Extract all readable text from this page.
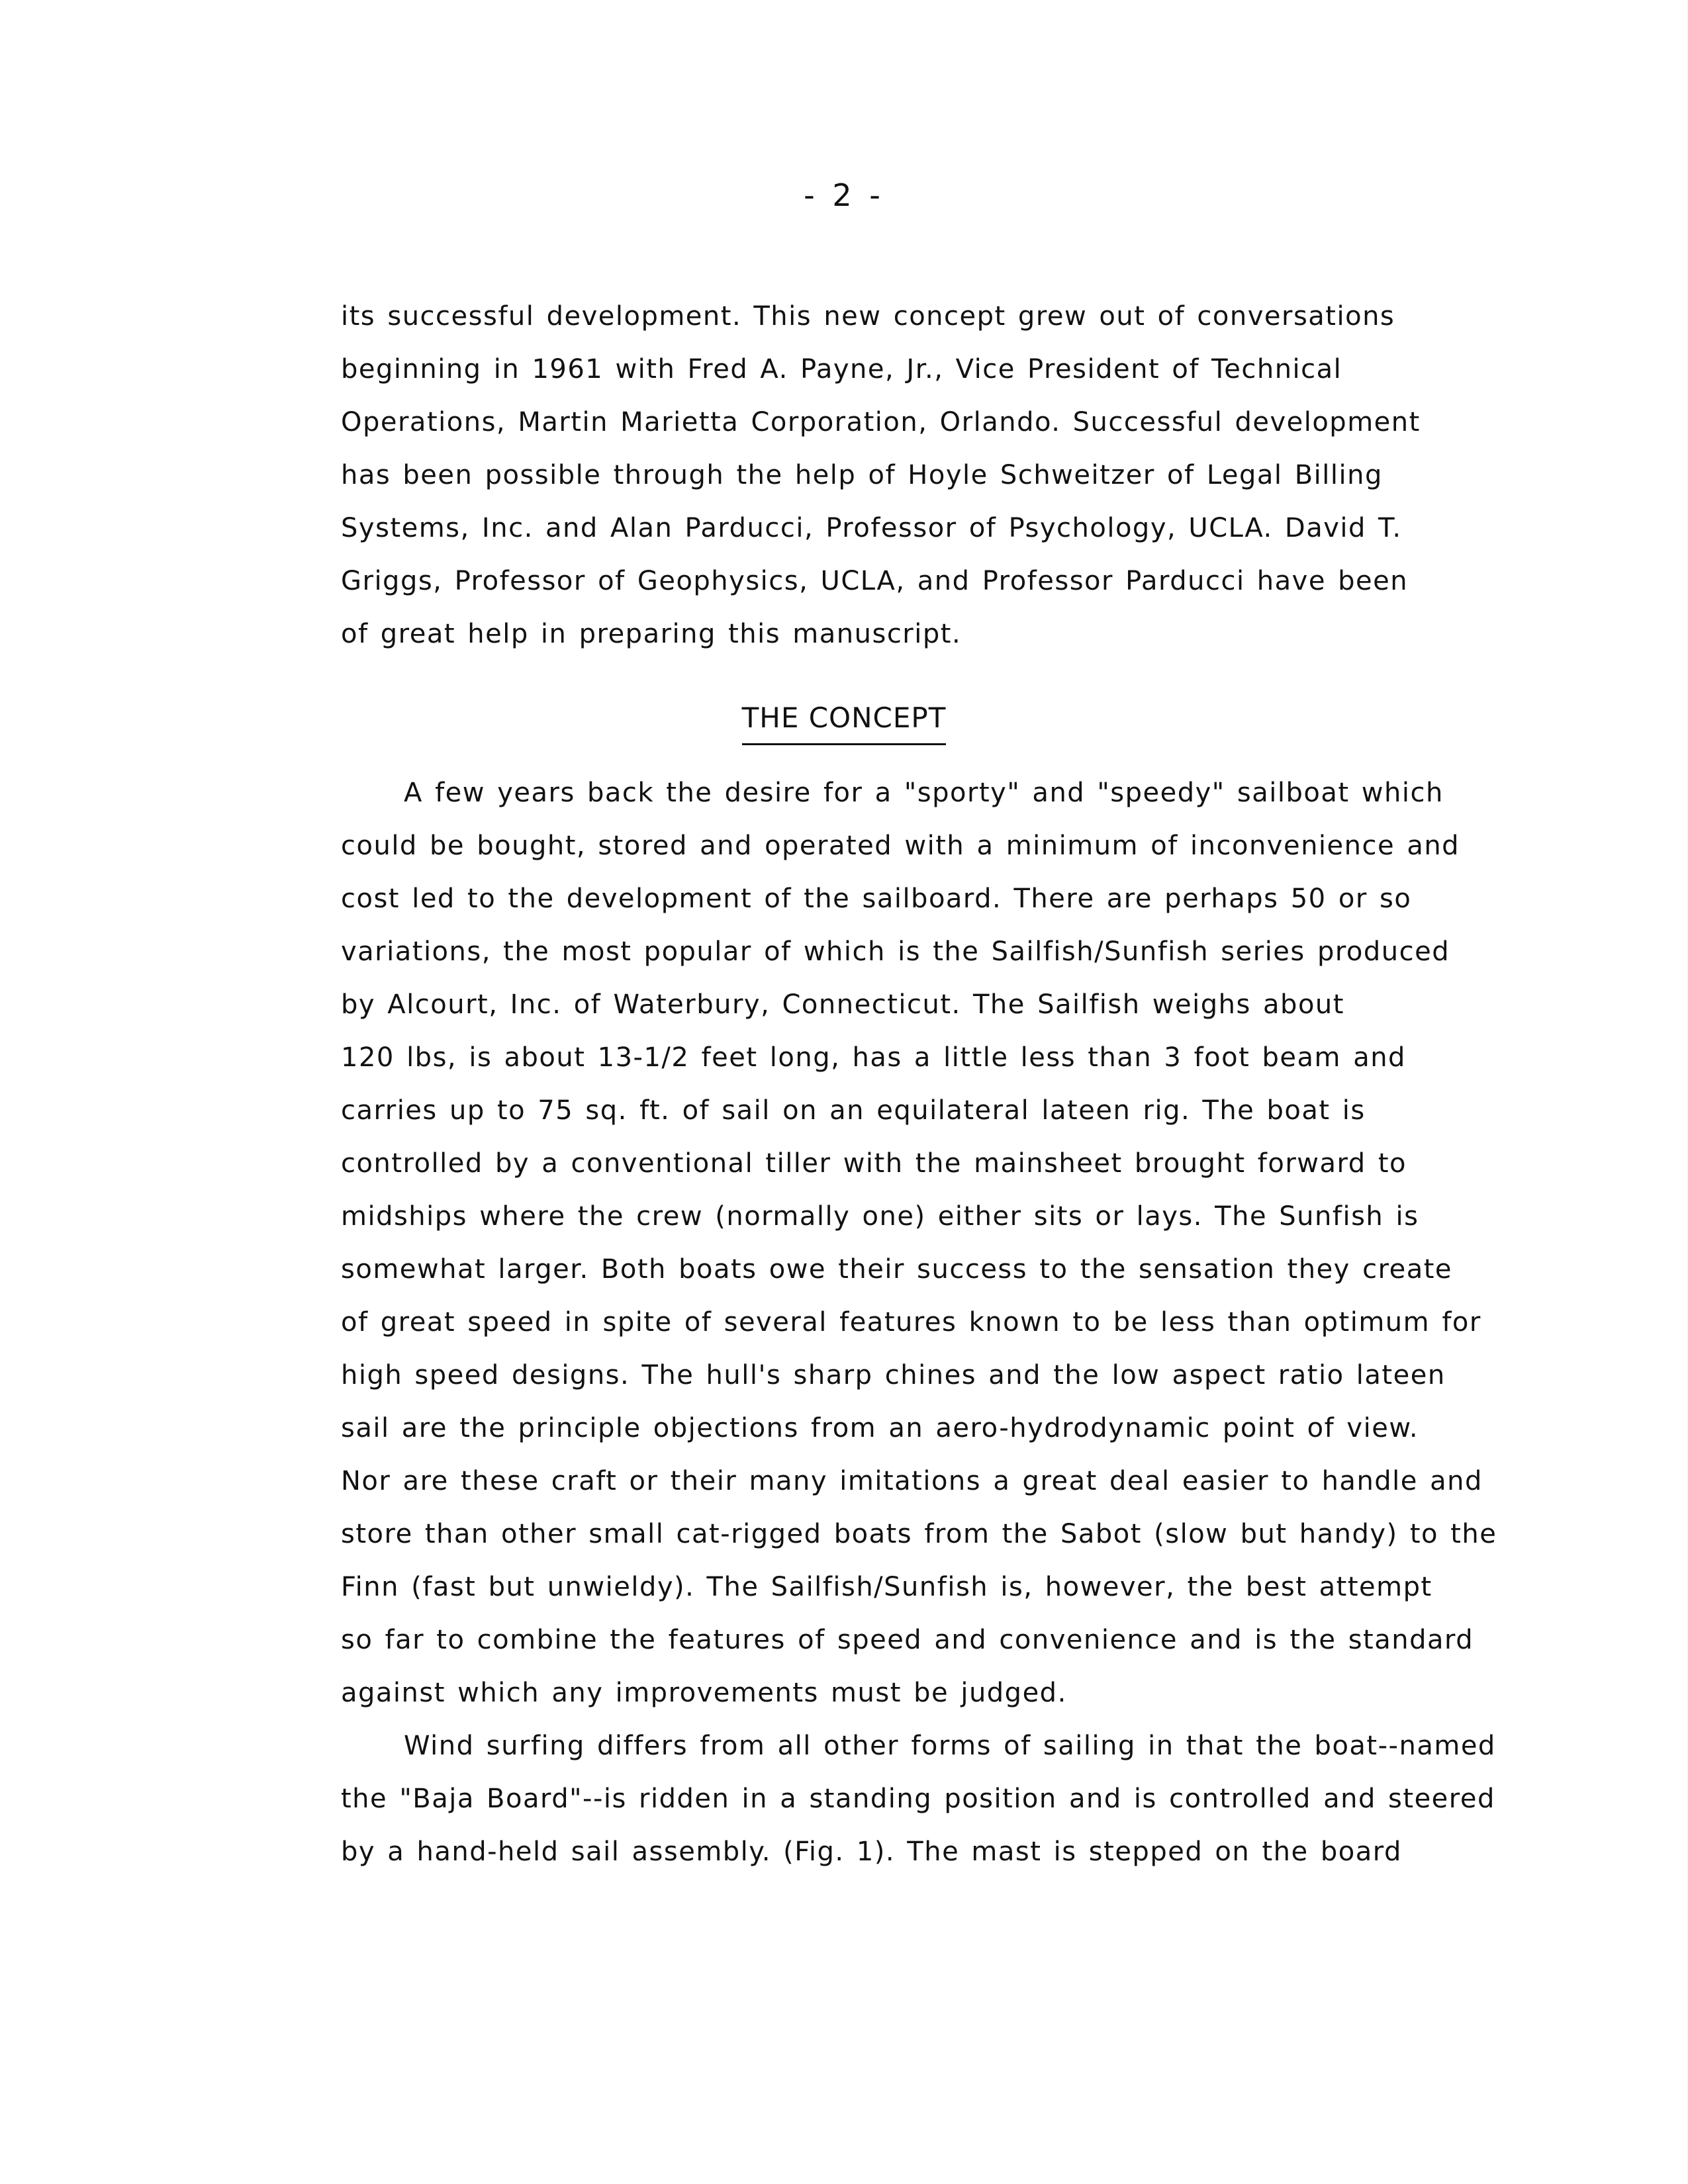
- 2 -
its successful development. This new concept grew out of conversations
beginning in 1961 with Fred A. Payne, Jr., Vice President of Technical
Operations, Martin Marietta Corporation, Orlando. Successful development
has been possible through the help of Hoyle Schweitzer of Legal Billing
Systems, Inc. and Alan Parducci, Professor of Psychology, UCLA. David T.
Griggs, Professor of Geophysics, UCLA, and Professor Parducci have been
of great help in preparing this manuscript.
THE CONCEPT
A few years back the desire for a "sporty" and "speedy" sailboat which
could be bought, stored and operated with a minimum of inconvenience and
cost led to the development of the sailboard. There are perhaps 50 or so
variations, the most popular of which is the Sailfish/Sunfish series produced
by Alcourt, Inc. of Waterbury, Connecticut. The Sailfish weighs about
120 lbs, is about 13-1/2 feet long, has a little less than 3 foot beam and
carries up to 75 sq. ft. of sail on an equilateral lateen rig. The boat is
controlled by a conventional tiller with the mainsheet brought forward to
midships where the crew (normally one) either sits or lays. The Sunfish is
somewhat larger. Both boats owe their success to the sensation they create
of great speed in spite of several features known to be less than optimum for
high speed designs. The hull's sharp chines and the low aspect ratio lateen
sail are the principle objections from an aero-hydrodynamic point of view.
Nor are these craft or their many imitations a great deal easier to handle and
store than other small cat-rigged boats from the Sabot (slow but handy) to the
Finn (fast but unwieldy). The Sailfish/Sunfish is, however, the best attempt
so far to combine the features of speed and convenience and is the standard
against which any improvements must be judged.
Wind surfing differs from all other forms of sailing in that the boat--named
the "Baja Board"--is ridden in a standing position and is controlled and steered
by a hand-held sail assembly. (Fig. 1). The mast is stepped on the board
